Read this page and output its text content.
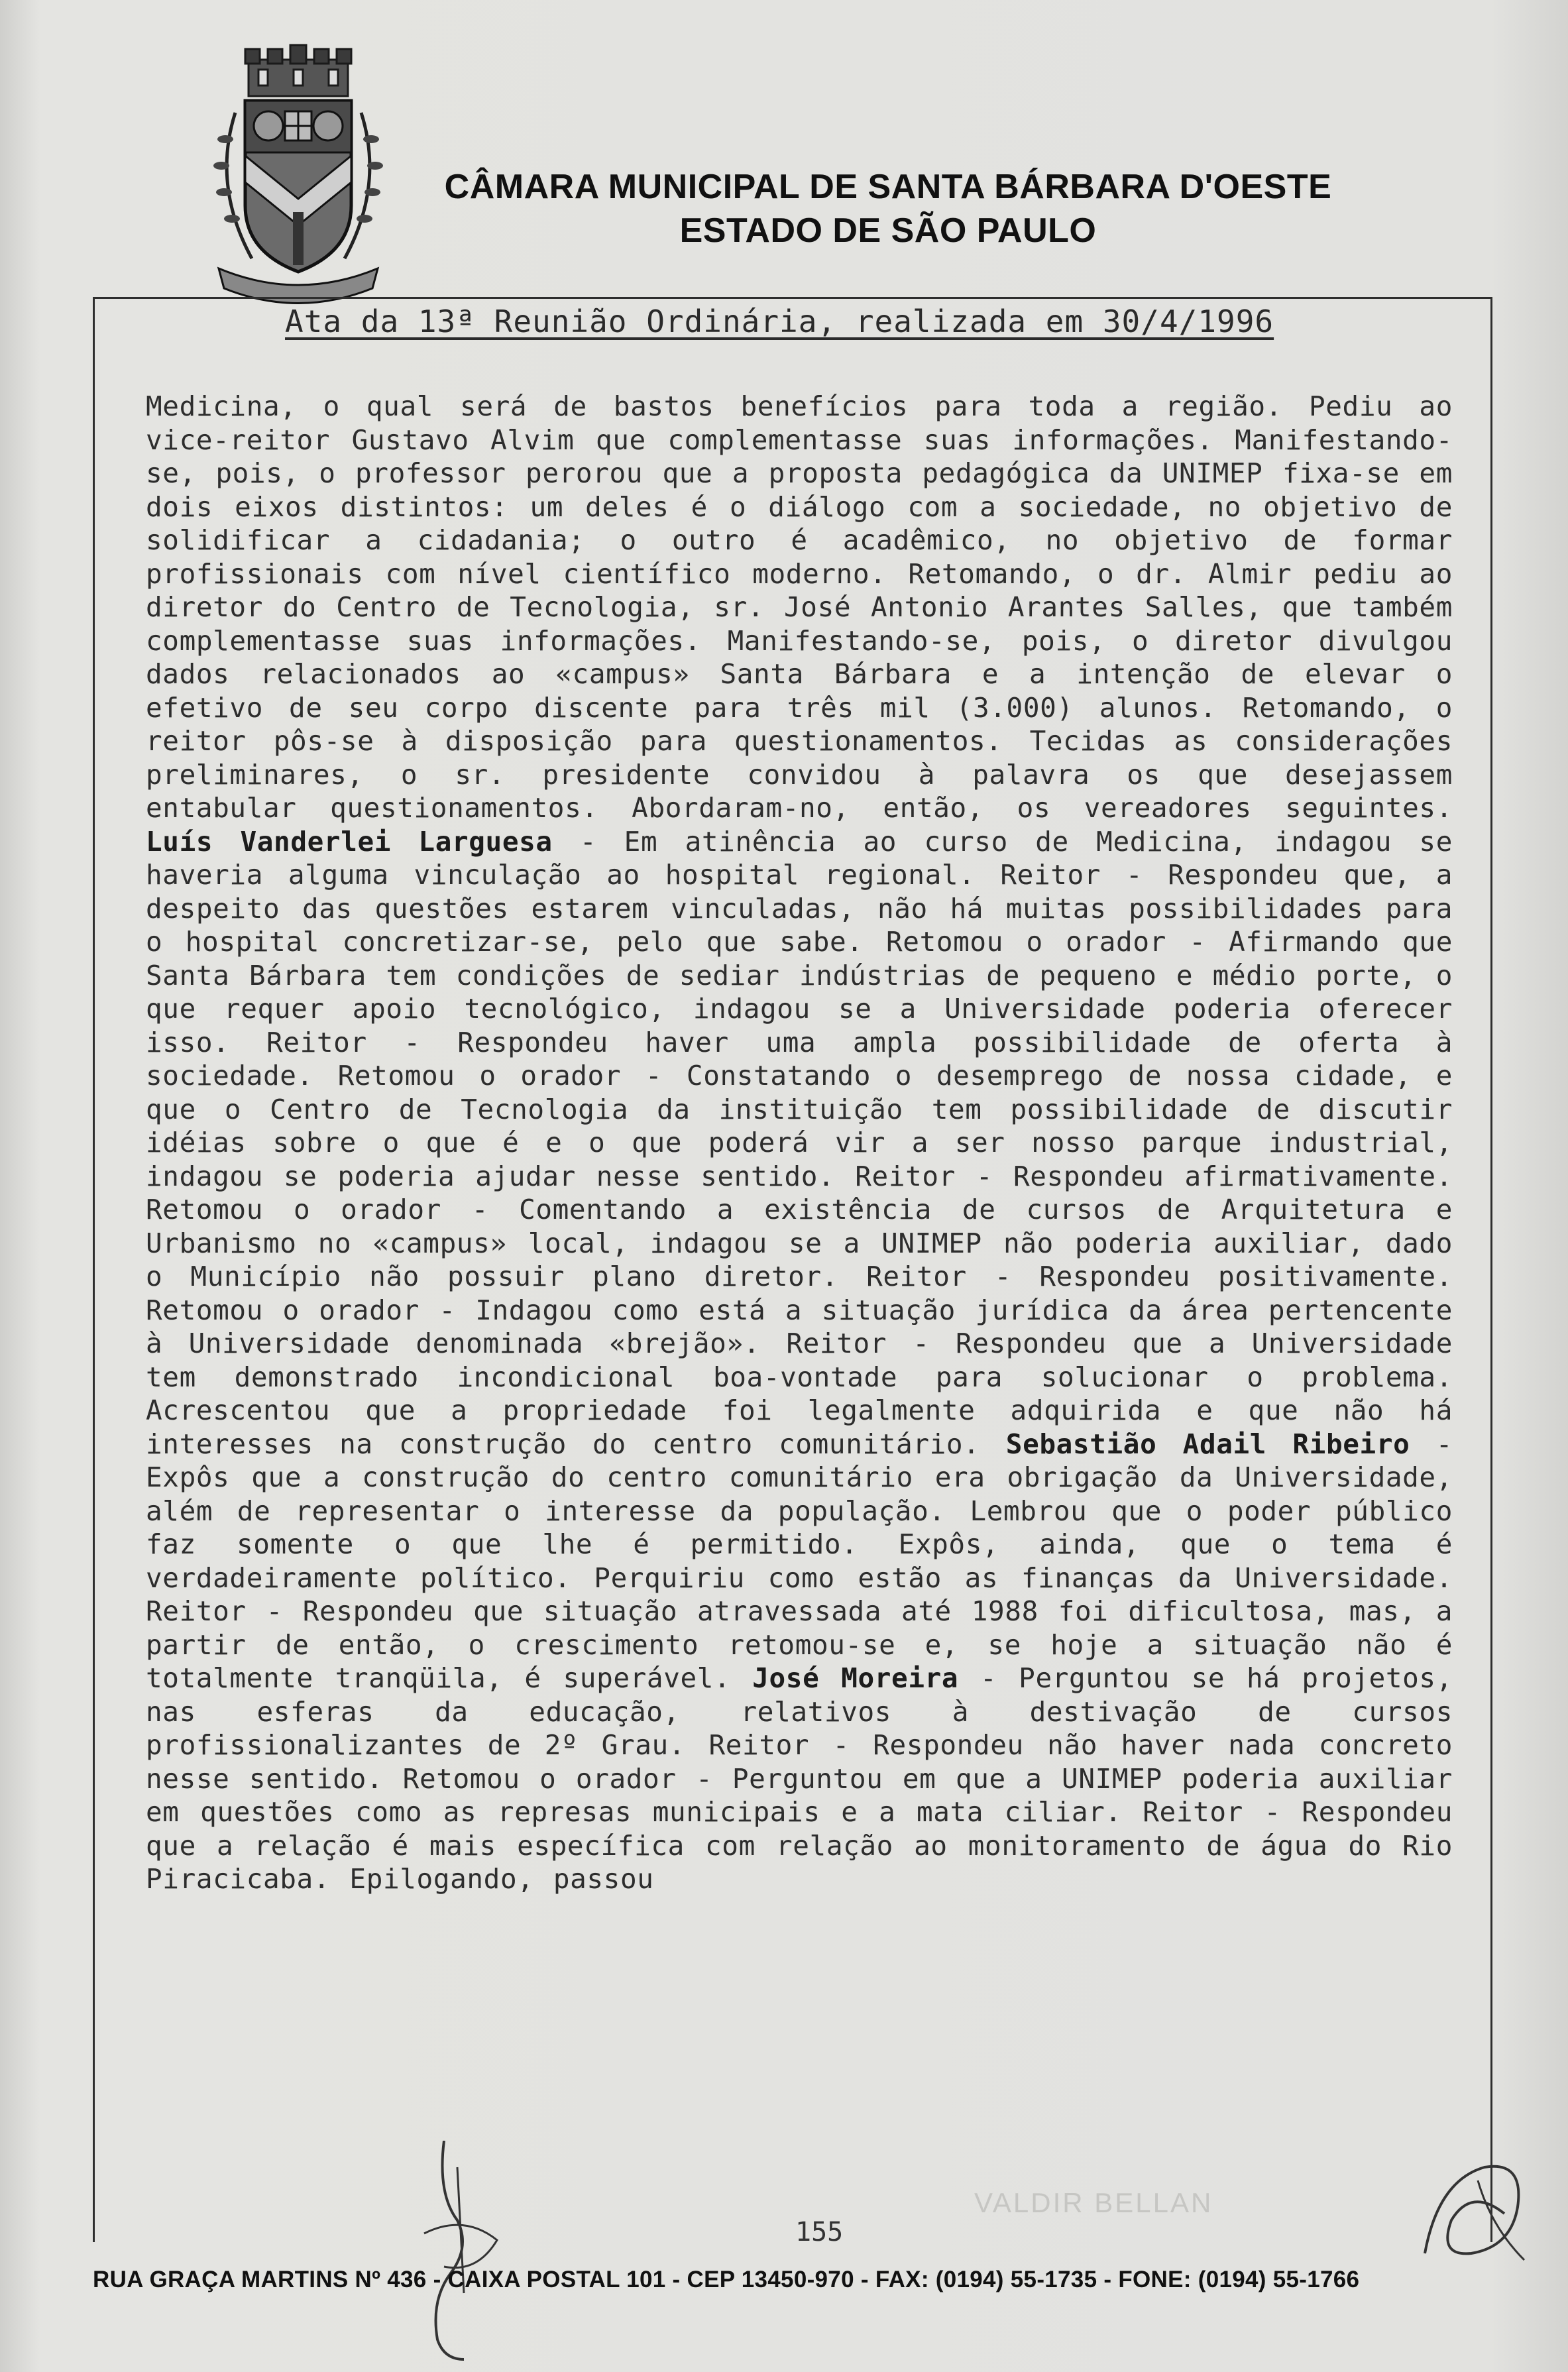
CÂMARA MUNICIPAL DE SANTA BÁRBARA D'OESTE
ESTADO DE SÃO PAULO
Ata da 13ª Reunião Ordinária, realizada em 30/4/1996
Medicina, o qual será de bastos benefícios para toda a região. Pediu ao vice-reitor Gustavo Alvim que complementasse suas informações. Manifestando-se, pois, o professor perorou que a proposta pedagógica da UNIMEP fixa-se em dois eixos distintos: um deles é o diálogo com a sociedade, no objetivo de solidificar a cidadania; o outro é acadêmico, no objetivo de formar profissionais com nível científico moderno. Retomando, o dr. Almir pediu ao diretor do Centro de Tecnologia, sr. José Antonio Arantes Salles, que também complementasse suas informações. Manifestando-se, pois, o diretor divulgou dados relacionados ao «campus» Santa Bárbara e a intenção de elevar o efetivo de seu corpo discente para três mil (3.000) alunos. Retomando, o reitor pôs-se à disposição para questionamentos. Tecidas as considerações preliminares, o sr. presidente convidou à palavra os que desejassem entabular questionamentos. Abordaram-no, então, os vereadores seguintes. Luís Vanderlei Larguesa - Em atinência ao curso de Medicina, indagou se haveria alguma vinculação ao hospital regional. Reitor - Respondeu que, a despeito das questões estarem vinculadas, não há muitas possibilidades para o hospital concretizar-se, pelo que sabe. Retomou o orador - Afirmando que Santa Bárbara tem condições de sediar indústrias de pequeno e médio porte, o que requer apoio tecnológico, indagou se a Universidade poderia oferecer isso. Reitor - Respondeu haver uma ampla possibilidade de oferta à sociedade. Retomou o orador - Constatando o desemprego de nossa cidade, e que o Centro de Tecnologia da instituição tem possibilidade de discutir idéias sobre o que é e o que poderá vir a ser nosso parque industrial, indagou se poderia ajudar nesse sentido. Reitor - Respondeu afirmativamente. Retomou o orador - Comentando a existência de cursos de Arquitetura e Urbanismo no «campus» local, indagou se a UNIMEP não poderia auxiliar, dado o Município não possuir plano diretor. Reitor - Respondeu positivamente. Retomou o orador - Indagou como está a situação jurídica da área pertencente à Universidade denominada «brejão». Reitor - Respondeu que a Universidade tem demonstrado incondicional boa-vontade para solucionar o problema. Acrescentou que a propriedade foi legalmente adquirida e que não há interesses na construção do centro comunitário. Sebastião Adail Ribeiro - Expôs que a construção do centro comunitário era obrigação da Universidade, além de representar o interesse da população. Lembrou que o poder público faz somente o que lhe é permitido. Expôs, ainda, que o tema é verdadeiramente político. Perquiriu como estão as finanças da Universidade. Reitor - Respondeu que situação atravessada até 1988 foi dificultosa, mas, a partir de então, o crescimento retomou-se e, se hoje a situação não é totalmente tranqüila, é superável. José Moreira - Perguntou se há projetos, nas esferas da educação, relativos à destivação de cursos profissionalizantes de 2º Grau. Reitor - Respondeu não haver nada concreto nesse sentido. Retomou o orador - Perguntou em que a UNIMEP poderia auxiliar em questões como as represas municipais e a mata ciliar. Reitor - Respondeu que a relação é mais específica com relação ao monitoramento de água do Rio Piracicaba. Epilogando, passou
VALDIR BELLAN
155
RUA GRAÇA MARTINS Nº 436 - CAIXA POSTAL 101 - CEP 13450-970 - FAX: (0194) 55-1735 - FONE: (0194) 55-1766
